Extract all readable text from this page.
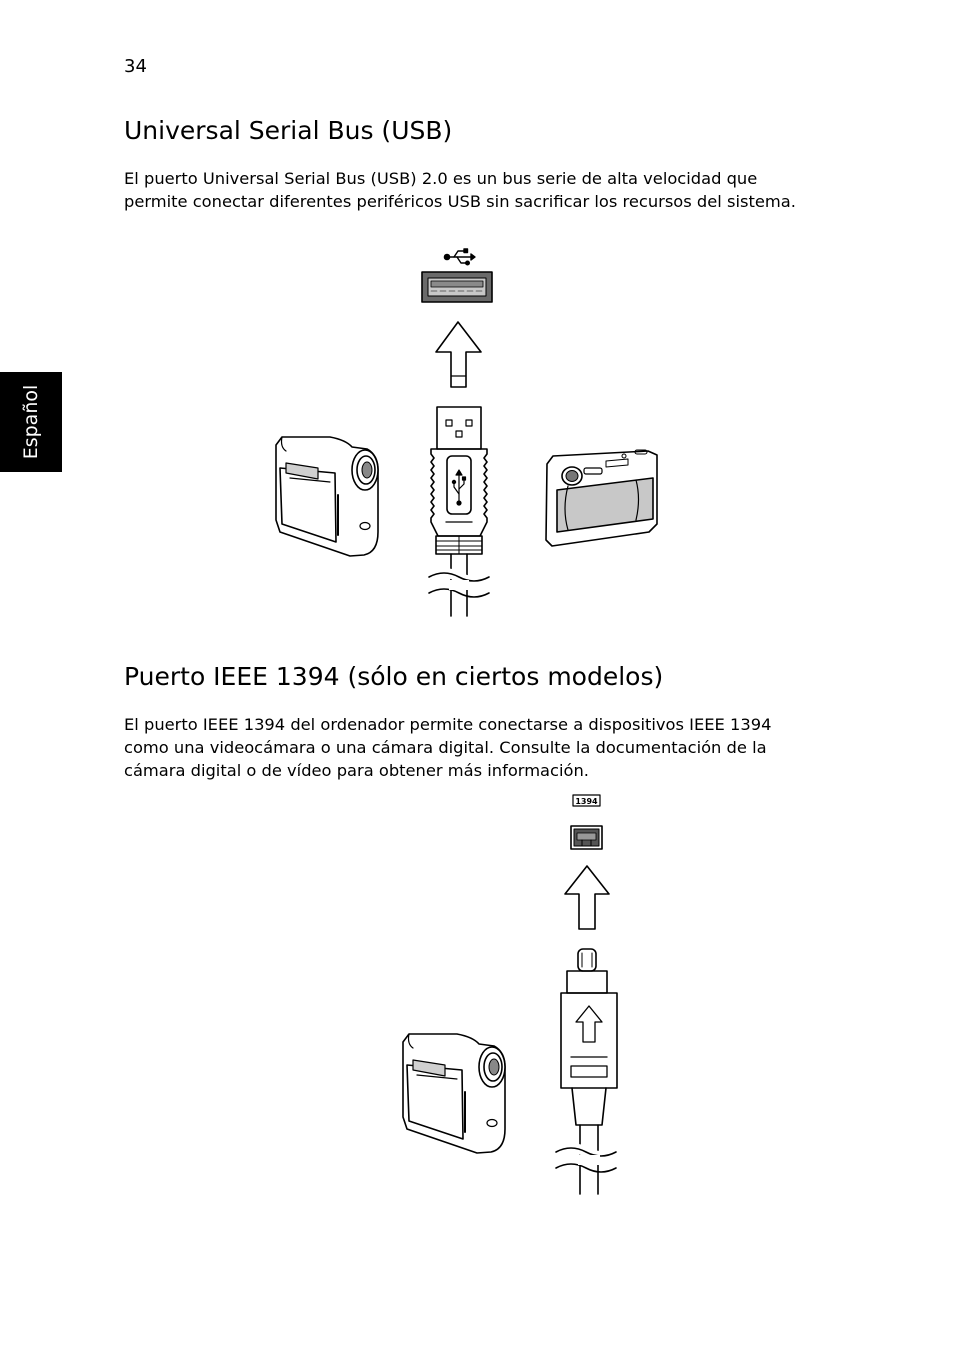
34
Español
Universal Serial Bus (USB)

El puerto Universal Serial Bus (USB) 2.0 es un bus serie de alta velocidad que permite conectar diferentes periféricos USB sin sacrificar los recursos del sistema.

Puerto IEEE 1394 (sólo en ciertos modelos)

El puerto IEEE 1394 del ordenador permite conectarse a dispositivos IEEE 1394 como una videocámara o una cámara digital. Consulte la documentación de la cámara digital o de vídeo para obtener más información.

1394
